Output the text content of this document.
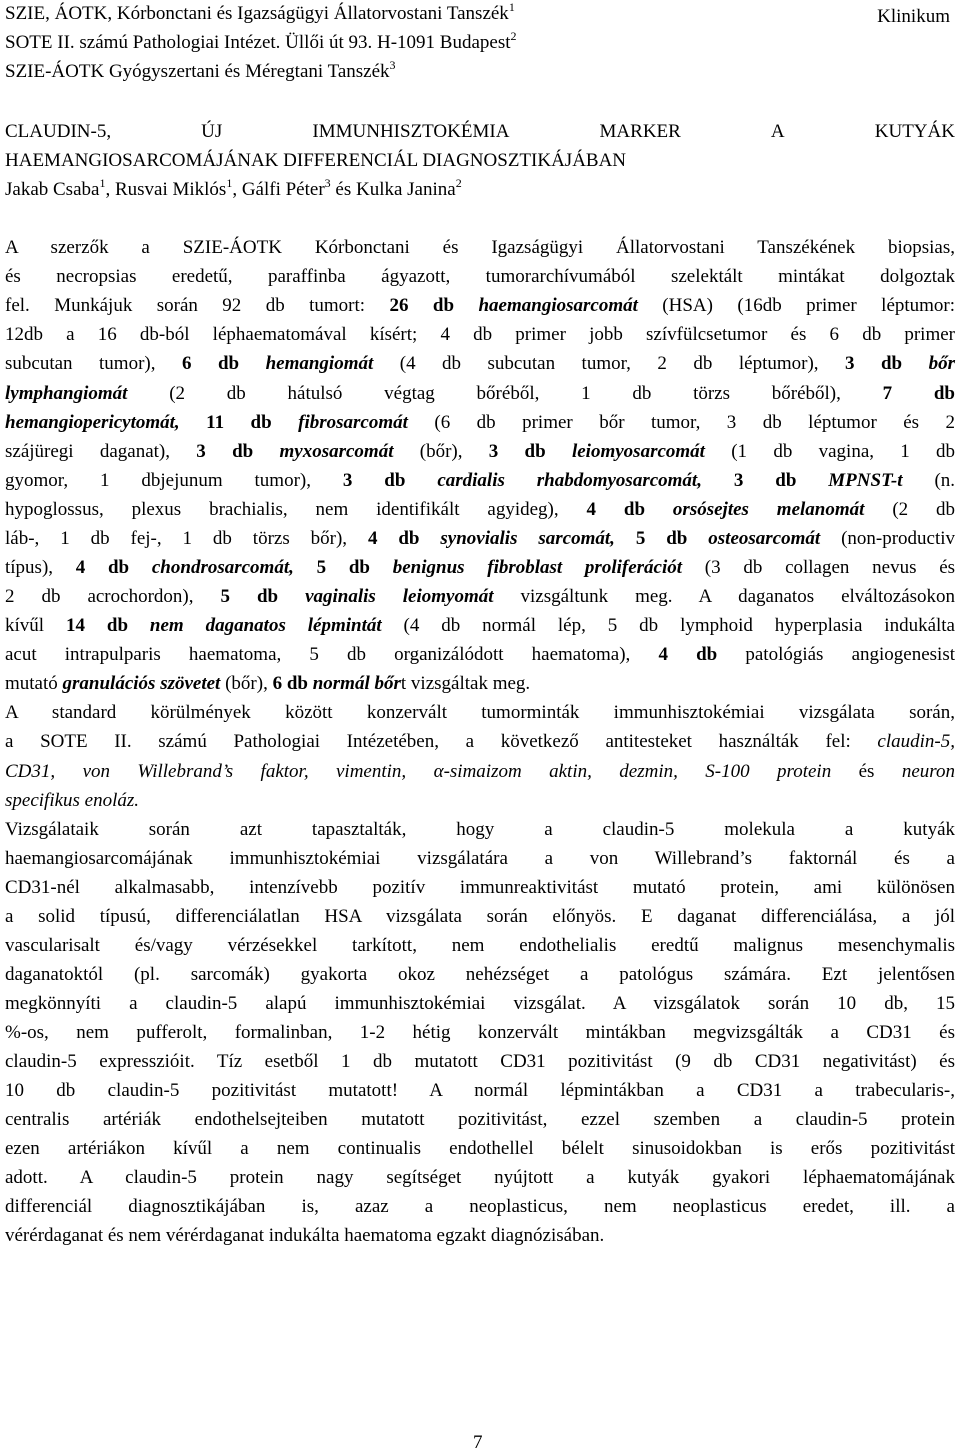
SZIE, ÁOTK, Kórbonctani és Igazságügyi Állatorvostani Tanszék$^1$	Klinikum
SOTE II. számú Pathologiai Intézet. Üllői út 93. H-1091 Budapest$^2$
SZIE-ÁOTK Gyógyszertani és Méregtani Tanszék$^3$
CLAUDIN-5,	ÚJ	IMMUNHISZTOKÉMIA	MARKER	A	KUTYÁK
HAEMANGIOSARCOMÁJÁNAK DIFFERENCIÁL DIAGNOSZTIKÁJÁBAN
Jakab Csaba$^1$, Rusvai Miklós$^1$, Gálfi Péter$^3$ és Kulka Janina$^2$
A szerzők a SZIE-ÁOTK Kórbonctani és Igazságügyi Állatorvostani Tanszékének biopsias,
és necropsias eredetű, paraffinba ágyazott, tumorarchívumából szelektált mintákat dolgoztak
fel. Munkájuk során 92 db tumort: 26 db haemangiosarcomát (HSA) (16db primer léptumor:
12db a 16 db-ból léphaematomával kísért; 4 db primer jobb szívfülcsetumor és 6 db primer
subcutan tumor), 6 db hemangiomát (4 db subcutan tumor, 2 db léptumor), 3 db bőr
lymphangiomát (2 db hátulsó végtag bőréből, 1 db törzs bőréből), 7 db
hemangiopericytomát, 11 db fibrosarcomát (6 db primer bőr tumor, 3 db léptumor és 2
szájüregi daganat), 3 db myxosarcomát (bőr), 3 db leiomyosarcomát (1 db vagina, 1 db
gyomor, 1 dbjejunum tumor), 3 db cardialis rhabdomyosarcomát, 3 db MPNST-t (n.
hypoglossus, plexus brachialis, nem identifikált agyideg), 4 db orsósejtes melanomát (2 db
láb-, 1 db fej-, 1 db törzs bőr), 4 db synovialis sarcomát, 5 db osteosarcomát (non-productiv
típus), 4 db chondrosarcomát, 5 db benignus fibroblast proliferációt (3 db collagen nevus és
2 db acrochordon), 5 db vaginalis leiomyomát vizsgáltunk meg. A daganatos elváltozásokon
kívűl 14 db nem daganatos lépmintát (4 db normál lép, 5 db lymphoid hyperplasia indukálta
acut intrapulparis haematoma, 5 db organizálódott haematoma), 4 db patológiás angiogenesist
mutató granulációs szövetet (bőr), 6 db normál bőrt vizsgáltak meg.
A standard körülmények között konzervált tumorminták immunhisztokémiai vizsgálata során,
a SOTE II. számú Pathologiai Intézetében, a következő antitesteket használták fel: claudin-5,
CD31, von Willebrand’s faktor, vimentin, α-simaizom aktin, dezmin, S-100 protein és neuron
specifikus enoláz.
Vizsgálataik során azt tapasztalták, hogy a claudin-5 molekula a kutyák
haemangiosarcomájának immunhisztokémiai vizsgálatára a von Willebrand’s faktornál és a
CD31-nél alkalmasabb, intenzívebb pozitív immunreaktivitást mutató protein, ami különösen
a solid típusú, differenciálatlan HSA vizsgálata során előnyös. E daganat differenciálása, a jól
vascularisalt és/vagy vérzésekkel tarkított, nem endothelialis eredtű malignus mesenchymalis
daganatoktól (pl. sarcomák) gyakorta okoz nehézséget a patológus számára. Ezt jelentősen
megkönnyíti a claudin-5 alapú immunhisztokémiai vizsgálat. A vizsgálatok során 10 db, 15
%-os, nem pufferolt, formalinban, 1-2 hétig konzervált mintákban megvizsgálták a CD31 és
claudin-5 expresszióit. Tíz esetből 1 db mutatott CD31 pozitivitást (9 db CD31 negativitást) és
10 db claudin-5 pozitivitást mutatott! A normál lépmintákban a CD31 a trabecularis-,
centralis artériák endothelsejteiben mutatott pozitivitást, ezzel szemben a claudin-5 protein
ezen artériákon kívűl a nem continualis endothellel bélelt sinusoidokban is erős pozitivitást
adott. A claudin-5 protein nagy segítséget nyújtott a kutyák gyakori léphaematomájának
differenciál diagnosztikájában is, azaz a neoplasticus, nem neoplasticus eredet, ill. a
vérérdaganat és nem vérérdaganat indukálta haematoma egzakt diagnózisában.
7
